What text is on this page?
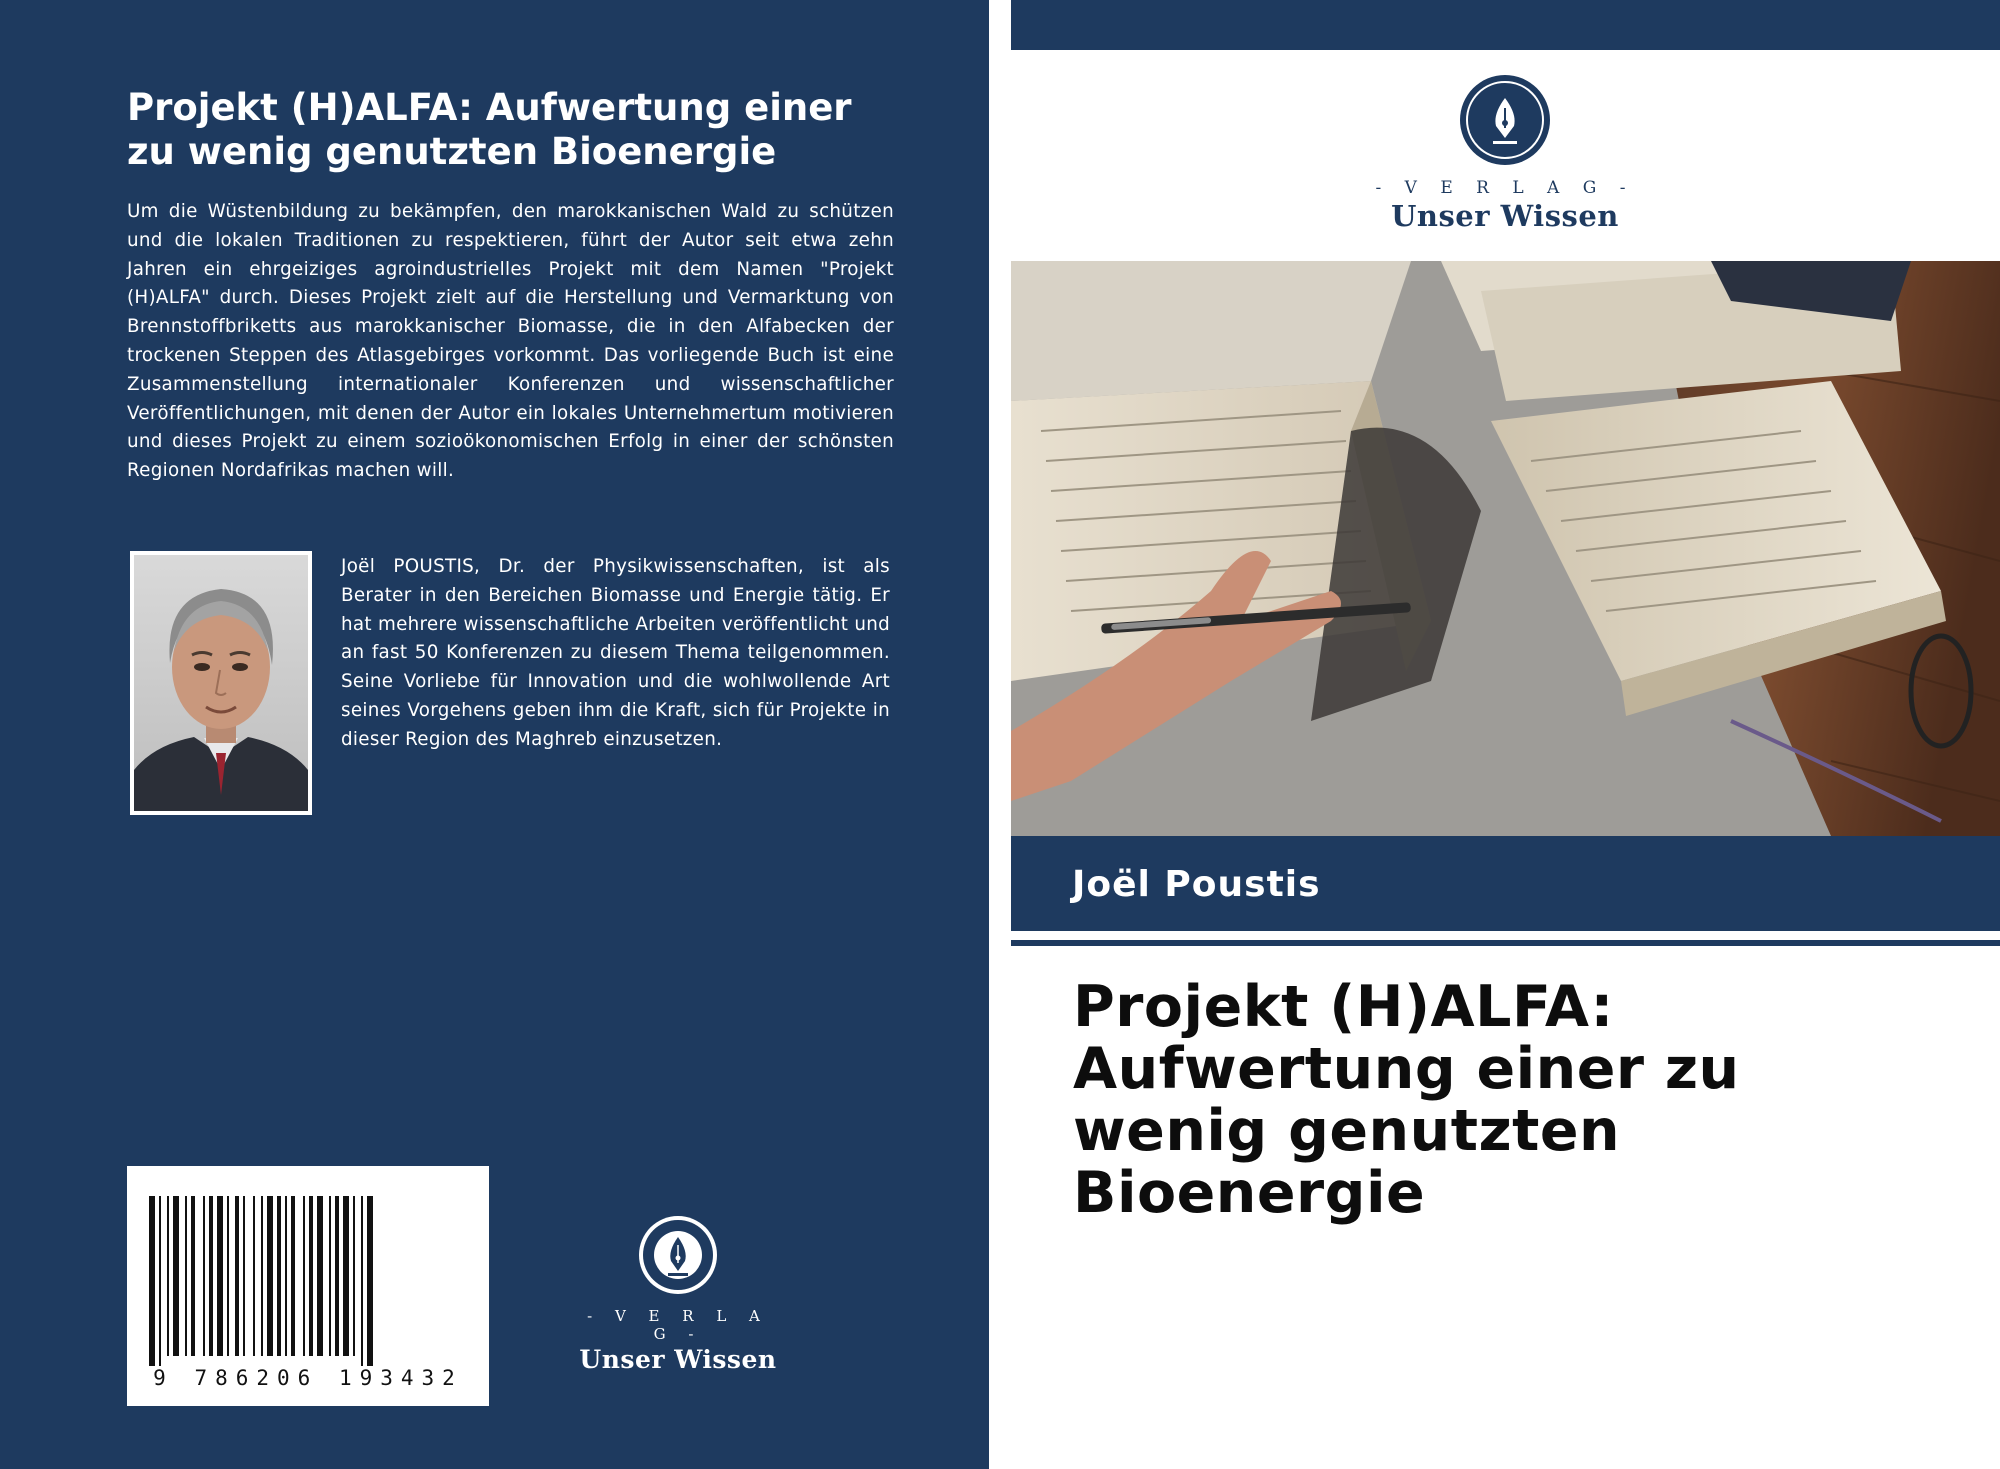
Projekt (H)ALFA: Aufwertung einer zu wenig genutzten Bioenergie

Um die Wüstenbildung zu bekämpfen, den marokkanischen Wald zu schützen und die lokalen Traditionen zu respektieren, führt der Autor seit etwa zehn Jahren ein ehrgeiziges agroindustrielles Projekt mit dem Namen "Projekt (H)ALFA" durch. Dieses Projekt zielt auf die Herstellung und Vermarktung von Brennstoffbriketts aus marokkanischer Biomasse, die in den Alfabecken der trockenen Steppen des Atlasgebirges vorkommt. Das vorliegende Buch ist eine Zusammenstellung internationaler Konferenzen und wissenschaftlicher Veröffentlichungen, mit denen der Autor ein lokales Unternehmertum motivieren und dieses Projekt zu einem sozioökonomischen Erfolg in einer der schönsten Regionen Nordafrikas machen will.

Joël POUSTIS, Dr. der Physikwissenschaften, ist als Berater in den Bereichen Biomasse und Energie tätig. Er hat mehrere wissenschaftliche Arbeiten veröffentlicht und an fast 50 Konferenzen zu diesem Thema teilgenommen. Seine Vorliebe für Innovation und die wohlwollende Art seines Vorgehens geben ihm die Kraft, sich für Projekte in dieser Region des Maghreb einzusetzen.

9 786206 193432
- V E R L A G -
Unser Wissen
- V E R L A G -
Unser Wissen
Joël Poustis
Projekt (H)ALFA: Aufwertung einer zu wenig genutzten Bioenergie
